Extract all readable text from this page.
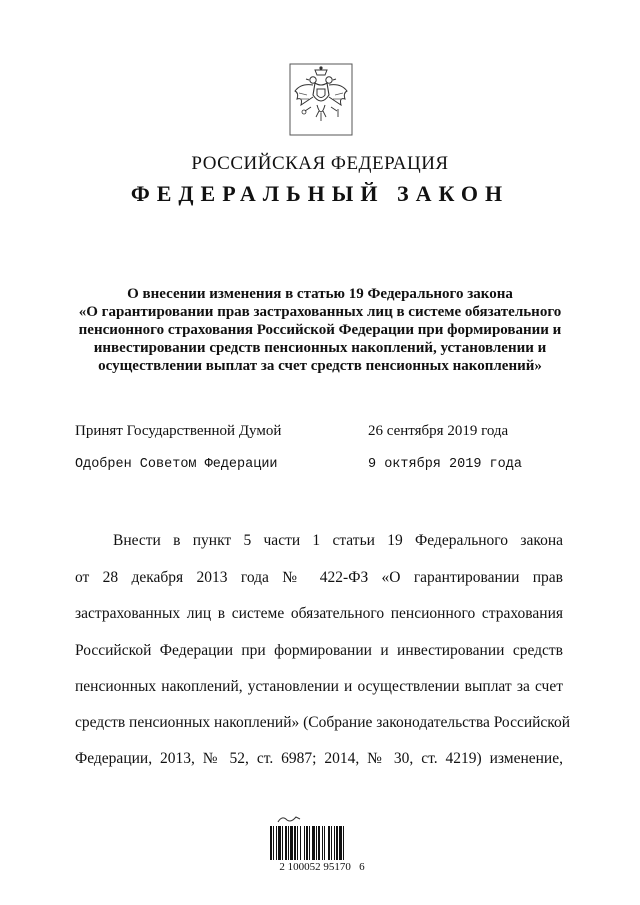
РОССИЙСКАЯ ФЕДЕРАЦИЯ
ФЕДЕРАЛЬНЫЙ ЗАКОН
О внесении изменения в статью 19 Федерального закона
«О гарантировании прав застрахованных лиц в системе обязательного
пенсионного страхования Российской Федерации при формировании и
инвестировании средств пенсионных накоплений, установлении и
осуществлении выплат за счет средств пенсионных накоплений»
Принят Государственной Думой	26 сентября 2019 года
Одобрен Советом Федерации	9 октября 2019 года
Внести в пункт 5 части 1 статьи 19 Федерального закона
от 28 декабря 2013 года № 422-ФЗ «О гарантировании прав
застрахованных лиц в системе обязательного пенсионного страхования
Российской Федерации при формировании и инвестировании средств
пенсионных накоплений, установлении и осуществлении выплат за счет
средств пенсионных накоплений» (Собрание законодательства Российской
Федерации, 2013, № 52, ст. 6987; 2014, № 30, ст. 4219) изменение,
2 100052 95170   6
